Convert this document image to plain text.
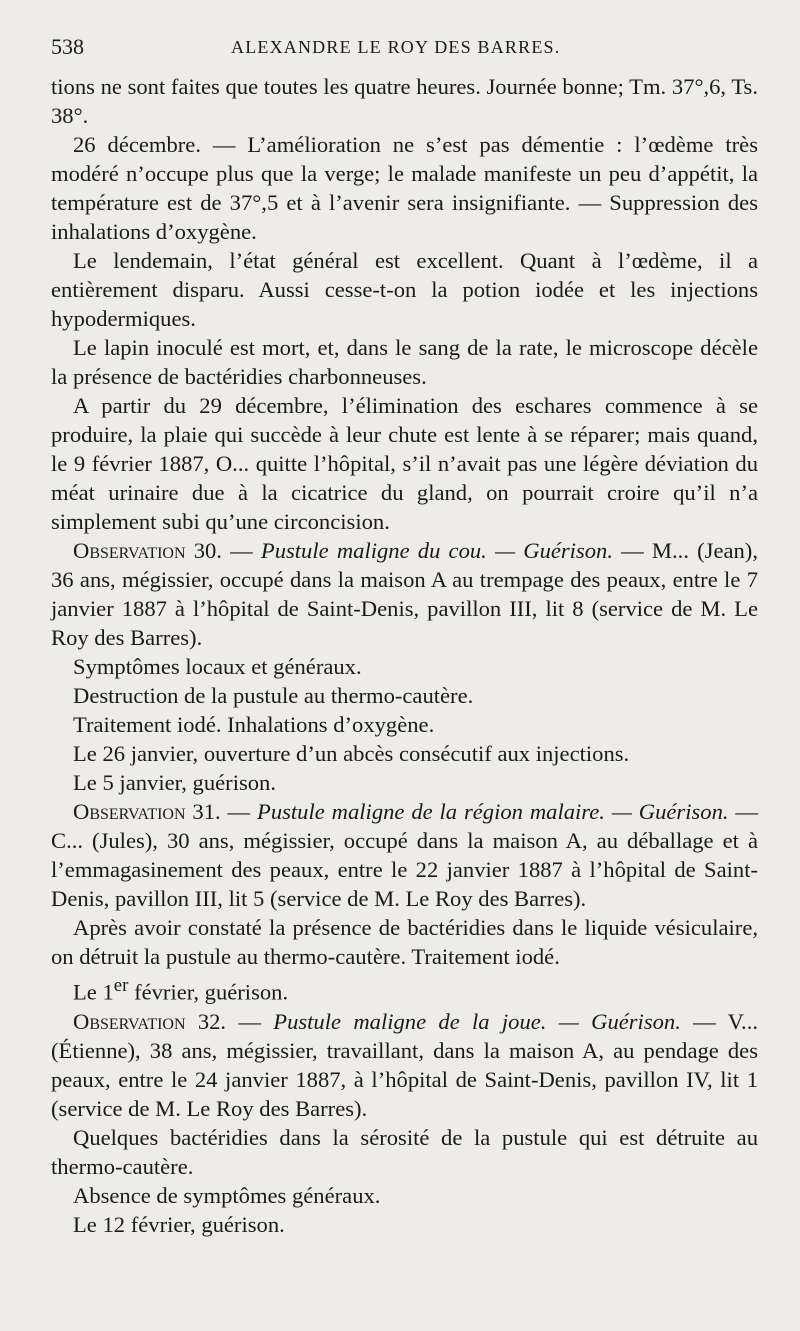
538	ALEXANDRE LE ROY DES BARRES.

tions ne sont faites que toutes les quatre heures. Journée bonne; Tm. 37°,6, Ts. 38°.

26 décembre. — L’amélioration ne s’est pas démentie : l’œdème très modéré n’occupe plus que la verge; le malade manifeste un peu d’appétit, la température est de 37°,5 et à l’avenir sera insignifiante. — Suppression des inhalations d’oxygène.

Le lendemain, l’état général est excellent. Quant à l’œdème, il a entièrement disparu. Aussi cesse-t-on la potion iodée et les injections hypodermiques.

Le lapin inoculé est mort, et, dans le sang de la rate, le microscope décèle la présence de bactéridies charbonneuses.

A partir du 29 décembre, l’élimination des eschares commence à se produire, la plaie qui succède à leur chute est lente à se réparer; mais quand, le 9 février 1887, O... quitte l’hôpital, s’il n’avait pas une légère déviation du méat urinaire due à la cicatrice du gland, on pourrait croire qu’il n’a simplement subi qu’une circoncision.

Observation 30. — Pustule maligne du cou. — Guérison. — M... (Jean), 36 ans, mégissier, occupé dans la maison A au trempage des peaux, entre le 7 janvier 1887 à l’hôpital de Saint-Denis, pavillon III, lit 8 (service de M. Le Roy des Barres).

Symptômes locaux et généraux.

Destruction de la pustule au thermo-cautère.

Traitement iodé. Inhalations d’oxygène.

Le 26 janvier, ouverture d’un abcès consécutif aux injections.

Le 5 janvier, guérison.

Observation 31. — Pustule maligne de la région malaire. — Guérison. — C... (Jules), 30 ans, mégissier, occupé dans la maison A, au déballage et à l’emmagasinement des peaux, entre le 22 janvier 1887 à l’hôpital de Saint-Denis, pavillon III, lit 5 (service de M. Le Roy des Barres).

Après avoir constaté la présence de bactéridies dans le liquide vésiculaire, on détruit la pustule au thermo-cautère. Traitement iodé.

Le 1er février, guérison.

Observation 32. — Pustule maligne de la joue. — Guérison. — V... (Étienne), 38 ans, mégissier, travaillant, dans la maison A, au pendage des peaux, entre le 24 janvier 1887, à l’hôpital de Saint-Denis, pavillon IV, lit 1 (service de M. Le Roy des Barres).

Quelques bactéridies dans la sérosité de la pustule qui est détruite au thermo-cautère.

Absence de symptômes généraux.

Le 12 février, guérison.
